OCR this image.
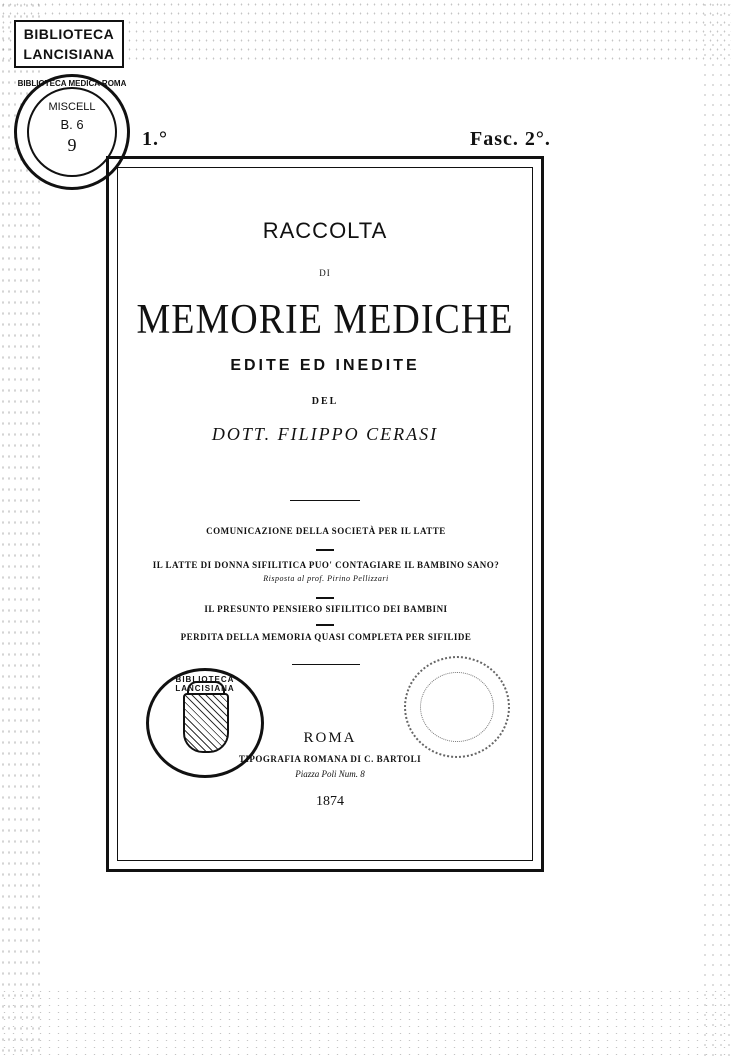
BIBLIOTECA
LANCISIANA
BIBLIOTECA MEDICA ROMA
MISCELL
B. 6
9	1.°	Fasc. 2°.
RACCOLTA
DI
MEMORIE MEDICHE
EDITE ED INEDITE
DEL
DOTT. FILIPPO CERASI
COMUNICAZIONE DELLA SOCIETÀ PER IL LATTE
IL LATTE DI DONNA SIFILITICA PUO' CONTAGIARE IL BAMBINO SANO?
Risposta al prof. Pirino Pellizzari
IL PRESUNTO PENSIERO SIFILITICO DEI BAMBINI
PERDITA DELLA MEMORIA QUASI COMPLETA PER SIFILIDE
BIBLIOTECA LANCISIANA
ROMA
TIPOGRAFIA ROMANA DI C. BARTOLI
Piazza Poli Num. 8
1874
